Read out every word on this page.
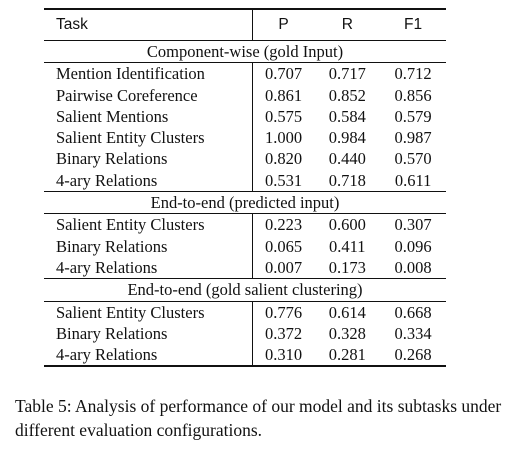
Task	P	R	F1
Component-wise (gold Input)			
Mention Identification	0.707	0.717	0.712
Pairwise Coreference	0.861	0.852	0.856
Salient Mentions	0.575	0.584	0.579
Salient Entity Clusters	1.000	0.984	0.987
Binary Relations	0.820	0.440	0.570
4-ary Relations	0.531	0.718	0.611
End-to-end (predicted input)			
Salient Entity Clusters	0.223	0.600	0.307
Binary Relations	0.065	0.411	0.096
4-ary Relations	0.007	0.173	0.008
End-to-end (gold salient clustering)			
Salient Entity Clusters	0.776	0.614	0.668
Binary Relations	0.372	0.328	0.334
4-ary Relations	0.310	0.281	0.268
Table 5: Analysis of performance of our model and its subtasks under different evaluation configurations.
